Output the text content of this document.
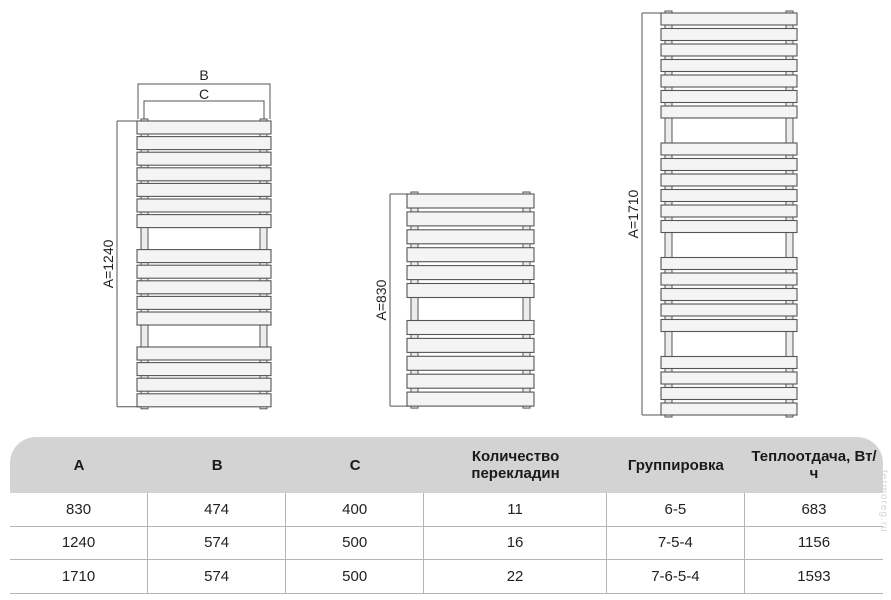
A=1240
B
C
A=830
A=1710
A	B	C	Количество перекладин	Группировка	Теплоотдача, Вт/ч
830	474	400	11	6-5	683
1240	574	500	16	7-5-4	1156
1710	574	500	22	7-6-5-4	1593
termoreg.ru
